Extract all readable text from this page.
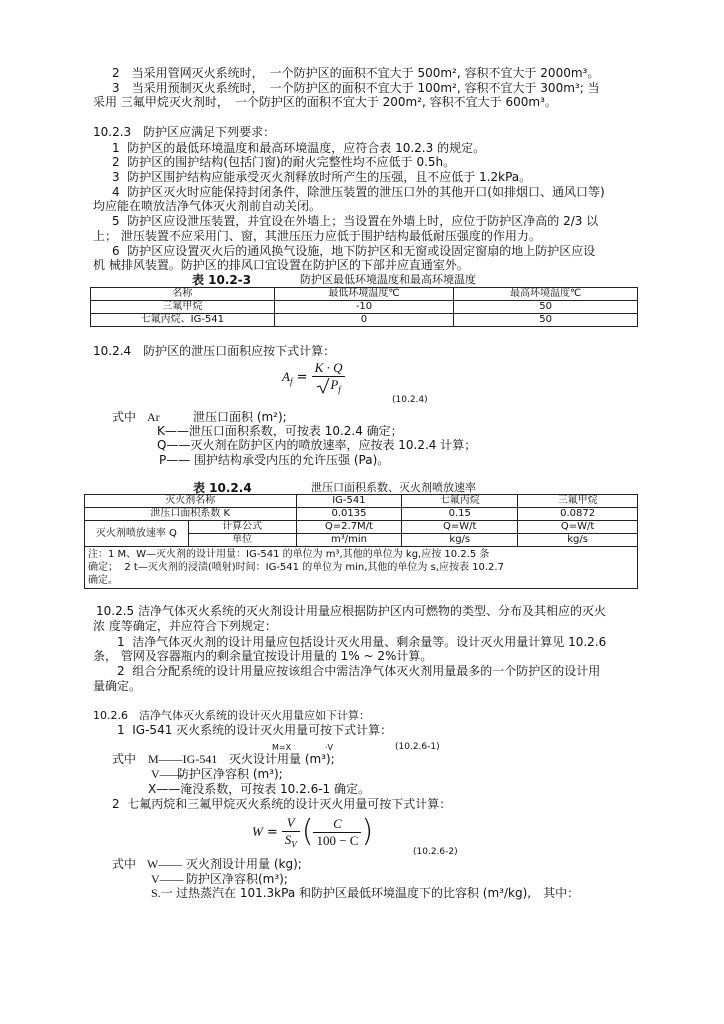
2　当采用管网灭火系统时，　一个防护区的面积不宜大于 500m², 容积不宜大于 2000m³。
3　当采用预制灭火系统时，　一个防护区的面积不宜大于 100m², 容积不宜大于 300m³; 当
采用 三氟甲烷灭火剂时，　一个防护区的面积不宜大于 200m², 容积不宜大于 600m³。
10.2.3　防护区应满足下列要求：
1  防护区的最低环境温度和最高环境温度，应符合表 10.2.3 的规定。
2  防护区的围护结构(包括门窗)的耐火完整性均不应低于 0.5h。
3  防护区围护结构应能承受灭火剂释放时所产生的压强，且不应低于 1.2kPa。
4  防护区灭火时应能保持封闭条件，除泄压装置的泄压口外的其他开口(如排烟口、通风口等)
均应能在喷放洁净气体灭火剂前自动关闭。
5  防护区应设泄压装置，并宜设在外墙上；当设置在外墙上时，应位于防护区净高的 2/3 以
上； 泄压装置不应采用门、窗，其泄压压力应低于围护结构最低耐压强度的作用力。
6  防护区应设置灭火后的通风换气设施，地下防护区和无窗或设固定窗扇的地上防护区应设
机 械排风装置。防护区的排风口宜设置在防护区的下部并应直通室外。
表 10.2-3	防护区最低环境温度和最高环境温度
名称	最低环境温度℃	最高环境温度℃
三氟甲烷	-10	50
七氟丙烷、IG-541	0	50
10.2.4　防护区的泄压口面积应按下式计算：
$A_f = \frac{K \cdot Q}{P_f}$
(10.2.4)
式中 Ar	泄压口面积 (m²);
K——泄压口面积系数，可按表 10.2.4 确定；
Q——灭火剂在防护区内的喷放速率，应按表 10.2.4 计算；
P—— 围护结构承受内压的允许压强 (Pa)。
表 10.2.4	泄压口面积系数、灭火剂喷放速率
灭火剂名称		IG-541	七氟丙烷	三氟甲烷
泄压口面积系数 K		0.0135	0.15	0.0872
灭火剂喷放速率 Q	计算公式	Q=2.7M/t	Q=W/t	Q=W/t
	单位	m³/min	kg/s	kg/s
注：1 M、W—灭火剂的设计用量：IG-541 的单位为 m³,其他的单位为 kg,应按 10.2.5 条
确定；  2 t—灭火剂的浸渍(喷射)时间：IG-541 的单位为 min,其他的单位为 s,应按表 10.2.7
确定。
10.2.5 洁净气体灭火系统的灭火剂设计用量应根据防护区内可燃物的类型、分布及其相应的灭火
浓 度等确定，并应符合下列规定：
1  洁净气体灭火剂的设计用量应包括设计灭火用量、剩余量等。设计灭火用量计算见 10.2.6
条， 管网及容器瓶内的剩余量宜按设计用量的 1% ~ 2%计算。
2  组合分配系统的设计用量应按该组合中需洁净气体灭火剂用量最多的一个防护区的设计用
量确定。
10.2.6　洁净气体灭火系统的设计灭火用量应如下计算：
1  IG-541 灭火系统的设计灭火用量可按下式计算：
M=X	·V	(10.2.6-1)
式中 M——IG-541 灭火设计用量 (m³);
V——
防护区净容积 (m³);
X——淹没系数，可按表 10.2.6-1 确定。
2  七氟丙烷和三氟甲烷灭火系统的设计灭火用量可按下式计算：
$W = \frac{V}{S_V}$ ( $\frac{C}{100 - C}$ )
(10.2.6-2)
式中 W—— 灭火剂设计用量 (kg);
V—— 防护区净容积(m³);
S.一 过热蒸汽在 101.3kPa 和防护区最低环境温度下的比容积 (m³/kg),　其中：
